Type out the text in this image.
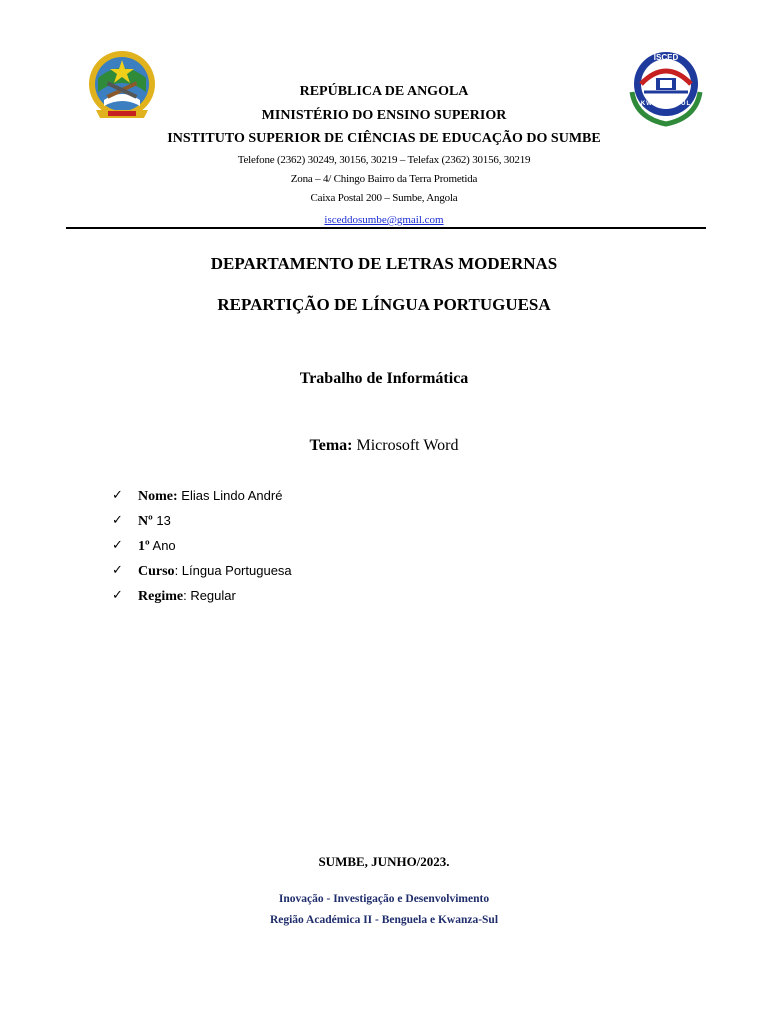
ISCED
KWANZA-SUL
REPÚBLICA DE ANGOLA
MINISTÉRIO DO ENSINO SUPERIOR
INSTITUTO SUPERIOR DE CIÊNCIAS DE EDUCAÇÃO DO SUMBE
Telefone (2362) 30249, 30156, 30219 – Telefax (2362) 30156, 30219
Zona – 4/ Chingo Bairro da Terra Prometida
Caixa Postal 200 – Sumbe, Angola
isceddosumbe@gmail.com
DEPARTAMENTO DE LETRAS MODERNAS
REPARTIÇÃO DE LÍNGUA PORTUGUESA
Trabalho de Informática
Tema: Microsoft Word
✓	Nome: Elias Lindo André
✓	Nº 13
✓	1º Ano
✓	Curso: Língua Portuguesa
✓	Regime: Regular
SUMBE, JUNHO/2023.
Inovação - Investigação e Desenvolvimento
Região Académica II - Benguela e Kwanza-Sul
